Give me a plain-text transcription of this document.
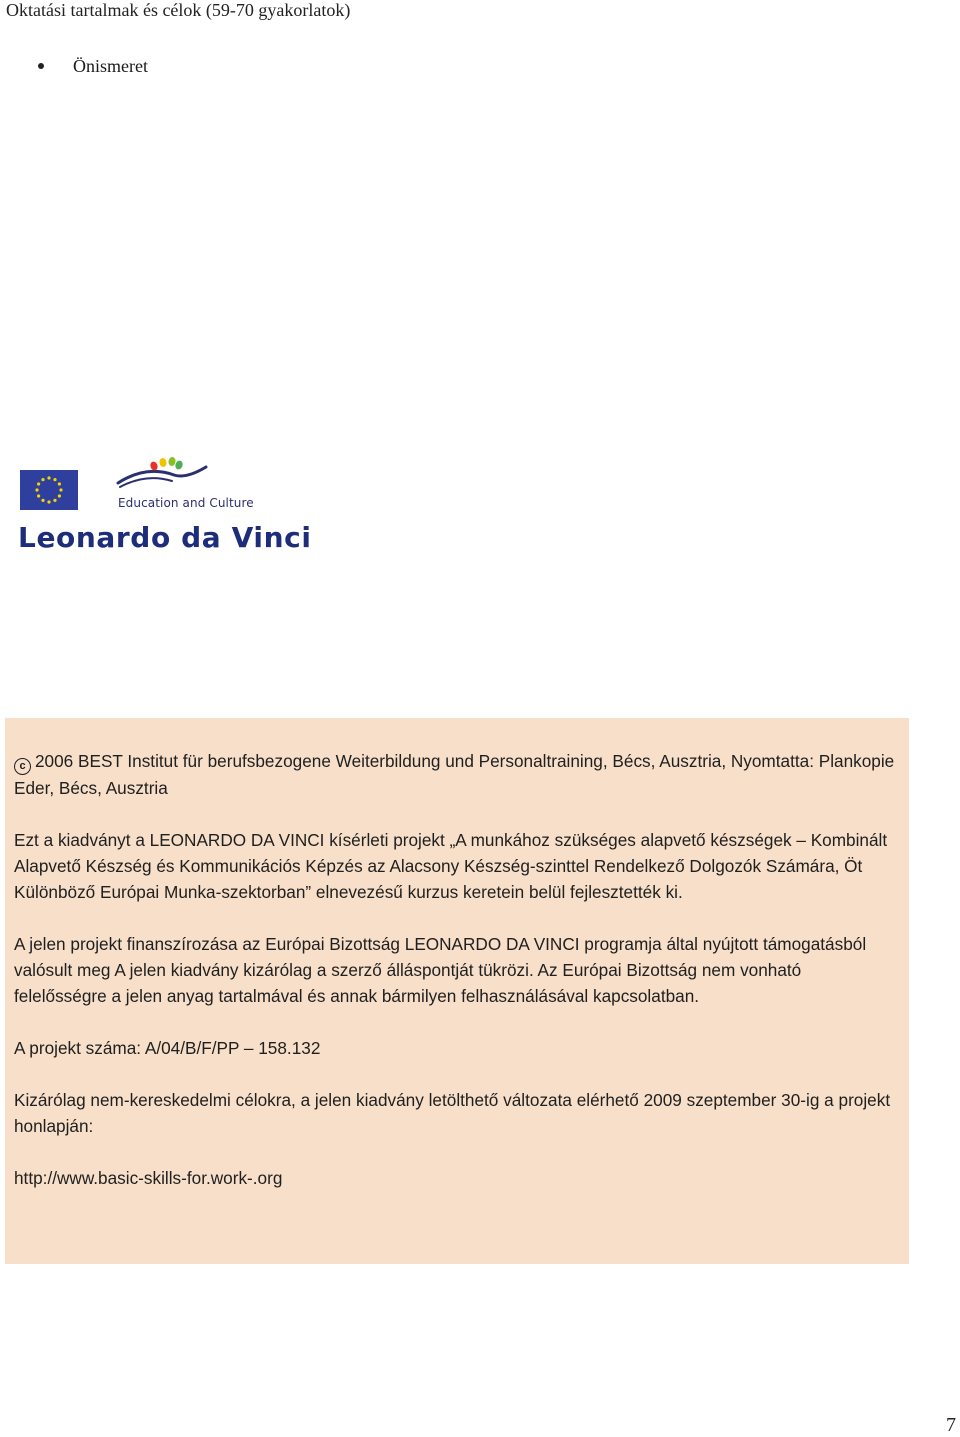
Oktatási tartalmak és célok (59-70 gyakorlatok)
Önismeret
Education and Culture
Leonardo da Vinci

c 2006 BEST Institut für berufsbezogene Weiterbildung und Personaltraining, Bécs, Ausztria, Nyomtatta: Plankopie Eder, Bécs, Ausztria

Ezt a kiadványt a LEONARDO DA VINCI kísérleti projekt „A munkához szükséges alapvető készségek – Kombinált Alapvető Készség és Kommunikációs Képzés az Alacsony Készség-szinttel Rendelkező Dolgozók Számára, Öt Különböző Európai Munka-szektorban” elnevezésű kurzus keretein belül fejlesztették ki.

A jelen projekt finanszírozása az Európai Bizottság LEONARDO DA VINCI programja által nyújtott támogatásból valósult meg A jelen kiadvány kizárólag a szerző álláspontját tükrözi. Az Európai Bizottság nem vonható felelősségre a jelen anyag tartalmával és annak bármilyen felhasználásával kapcsolatban.

A projekt száma: A/04/B/F/PP – 158.132

Kizárólag nem-kereskedelmi célokra, a jelen kiadvány letölthető változata elérhető 2009 szeptember 30-ig a projekt honlapján:

http://www.basic-skills-for.work-.org

7
